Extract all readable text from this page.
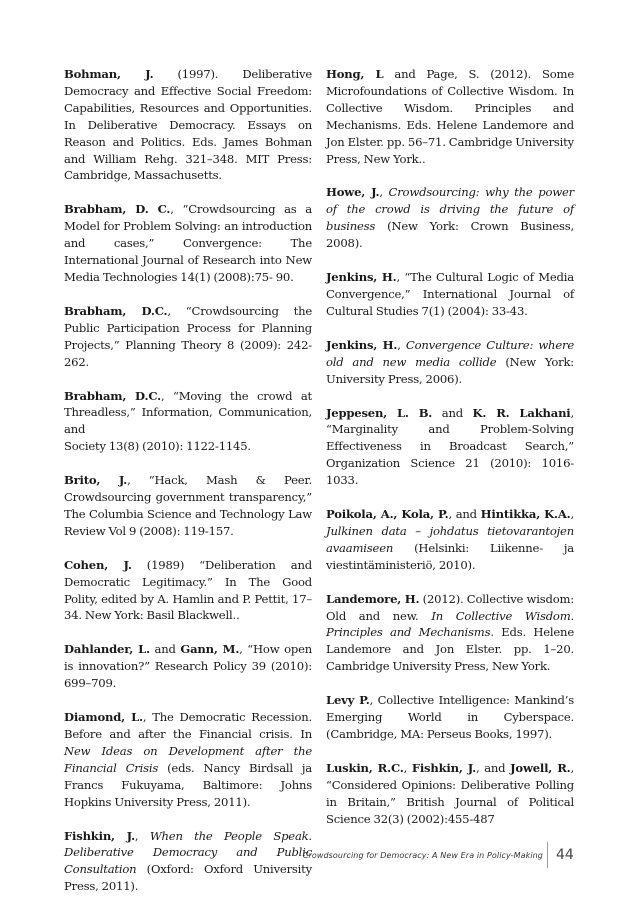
Bohman, J. (1997). Deliberative Democracy and Effective Social Freedom: Capabilities, Resources and Opportunities. In Deliberative Democracy. Essays on Reason and Politics. Eds. James Bohman and William Rehg. 321–348. MIT Press: Cambridge, Massachusetts.

Brabham, D. C., “Crowdsourcing as a Model for Problem Solving: an introduction and cases,” Convergence: The International Journal of Research into New Media Technologies 14(1) (2008):75- 90.

Brabham, D.C., “Crowdsourcing the Public Participation Process for Planning Projects,” Planning Theory 8 (2009): 242-262.

Brabham, D.C., “Moving the crowd at Threadless,” Information, Communication, and
Society 13(8) (2010): 1122-1145.

Brito, J., “Hack, Mash & Peer. Crowdsourcing government transparency,” The Columbia Science and Technology Law Review Vol 9 (2008): 119-157.

Cohen, J. (1989) “Deliberation and Democratic Legitimacy.” In The Good Polity, edited by A. Hamlin and P. Pettit, 17–34. New York: Basil Blackwell..

Dahlander, L. and Gann, M., “How open is innovation?” Research Policy 39 (2010): 699–709.

Diamond, L., The Democratic Recession. Before and after the Financial crisis. In New Ideas on Development after the Financial Crisis (eds. Nancy Birdsall ja Francs Fukuyama, Baltimore: Johns Hopkins University Press, 2011).

Fishkin, J., When the People Speak. Deliberative Democracy and Public Consultation (Oxford: Oxford University Press, 2011).

Hong, L and Page, S. (2012). Some Microfoundations of Collective Wisdom. In Collective Wisdom. Principles and Mechanisms. Eds. Helene Landemore and Jon Elster. pp. 56–71. Cambridge University Press, New York..

Howe, J., Crowdsourcing: why the power of the crowd is driving the future of business (New York: Crown Business, 2008).

Jenkins, H., “The Cultural Logic of Media Convergence,” International Journal of Cultural Studies 7(1) (2004): 33-43.

Jenkins, H., Convergence Culture: where old and new media collide (New York: University Press, 2006).

Jeppesen, L. B. and K. R. Lakhani, “Marginality and Problem-Solving Effectiveness in Broadcast Search,” Organization Science 21 (2010): 1016-1033.

Poikola, A., Kola, P., and Hintikka, K.A., Julkinen data – johdatus tietovarantojen avaamiseen (Helsinki: Liikenne- ja viestintäministeriö, 2010).

Landemore, H. (2012). Collective wisdom: Old and new. In Collective Wisdom. Principles and Mechanisms. Eds. Helene Landemore and Jon Elster. pp. 1–20. Cambridge University Press, New York.

Levy P., Collective Intelligence: Mankind’s Emerging World in Cyberspace. (Cambridge, MA: Perseus Books, 1997).

Luskin, R.C., Fishkin, J., and Jowell, R., “Considered Opinions: Deliberative Polling in Britain,” British Journal of Political Science 32(3) (2002):455-487

Crowdsourcing for Democracy: A New Era in Policy-Making 44
